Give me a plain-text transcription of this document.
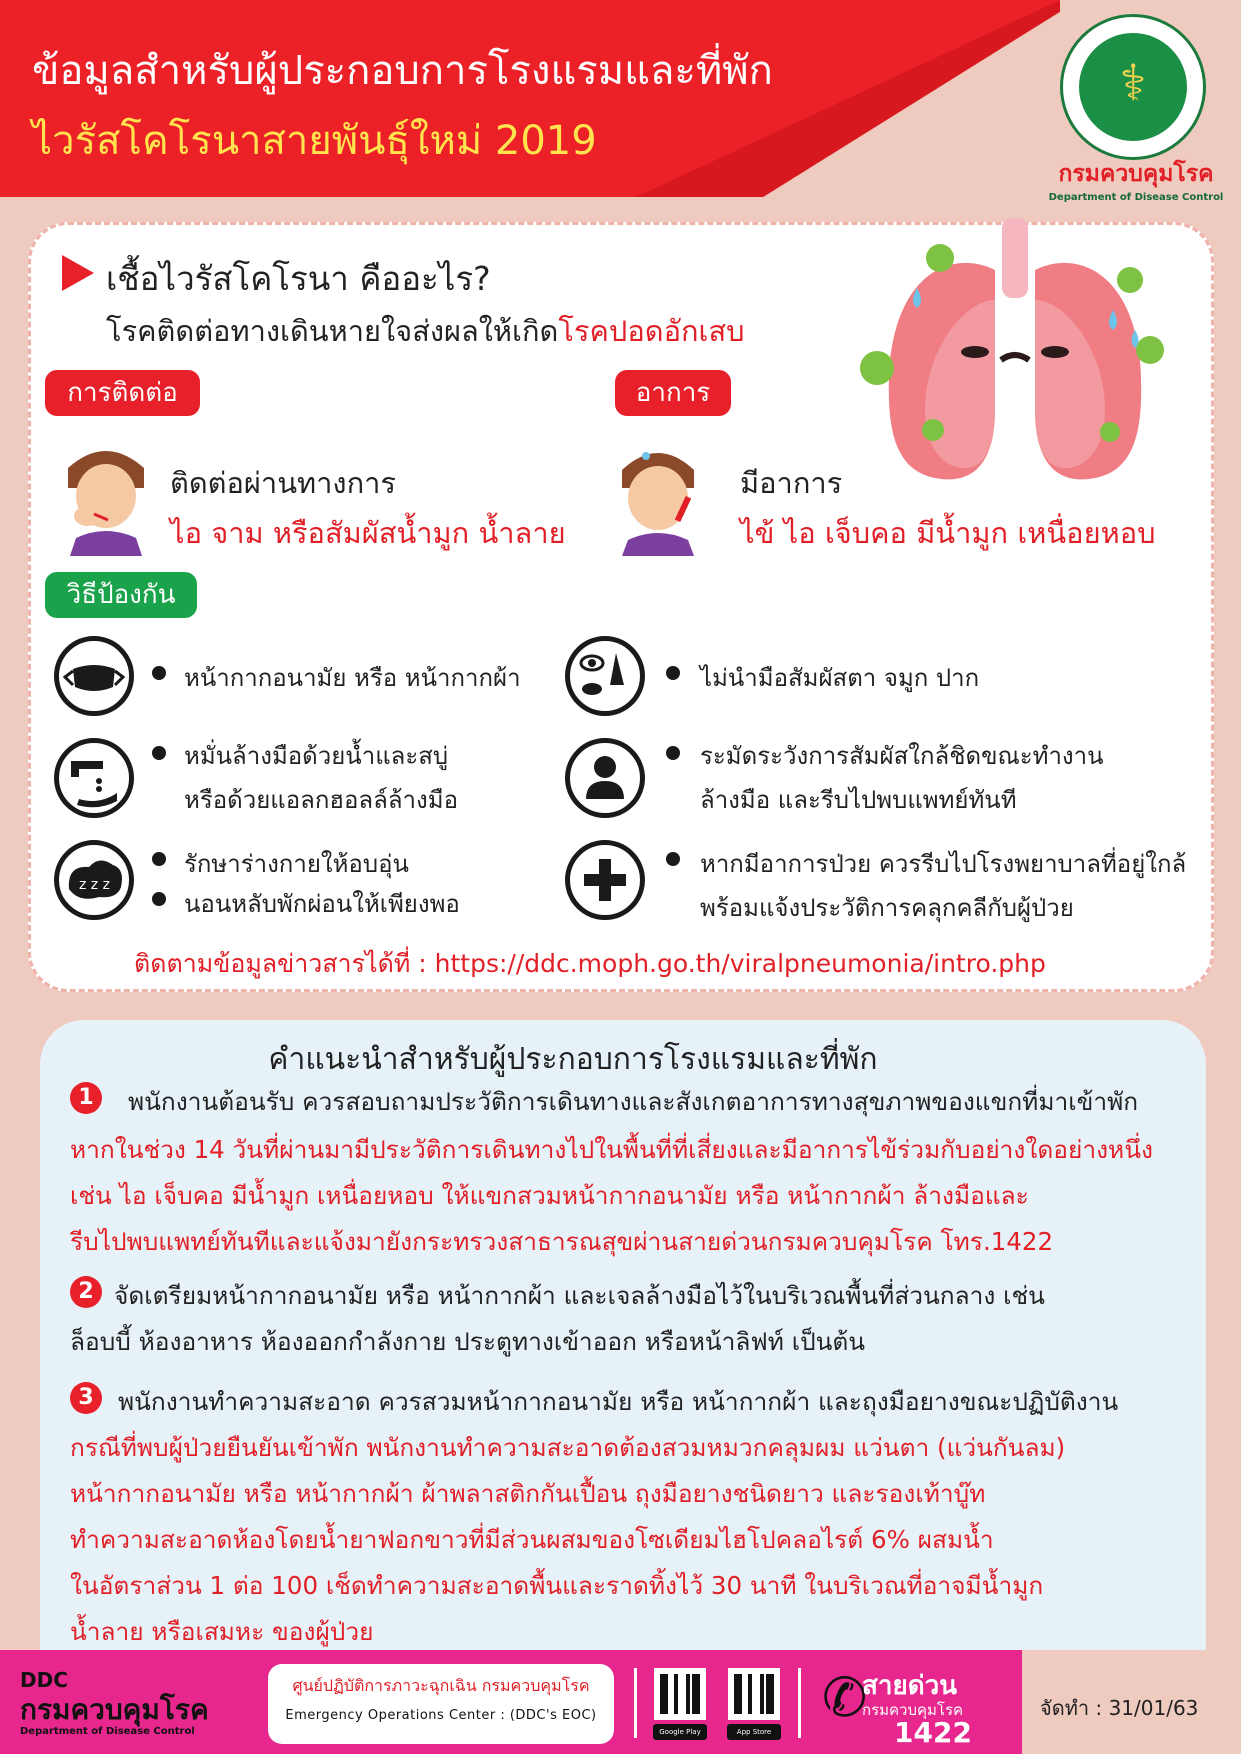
ข้อมูลสำหรับผู้ประกอบการโรงแรมและที่พัก
ไวรัสโคโรนาสายพันธุ์ใหม่ 2019
⚕
กรมควบคุมโรค
Department of Disease Control
เชื้อไวรัสโคโรนา คืออะไร?
โรคติดต่อทางเดินหายใจส่งผลให้เกิดโรคปอดอักเสบ
การติดต่อ
ติดต่อผ่านทางการ
ไอ จาม หรือสัมผัสน้ำมูก น้ำลาย
อาการ
มีอาการ
ไข้ ไอ เจ็บคอ มีน้ำมูก เหนื่อยหอบ
วิธีป้องกัน
หน้ากากอนามัย หรือ หน้ากากผ้า	ไม่นำมือสัมผัสตา จมูก ปาก
หมั่นล้างมือด้วยน้ำและสบู่
หรือด้วยแอลกฮอลล์ล้างมือ
ระมัดระวังการสัมผัสใกล้ชิดขณะทำงาน
ล้างมือ และรีบไปพบแพทย์ทันที
z z z
รักษาร่างกายให้อบอุ่น
นอนหลับพักผ่อนให้เพียงพอ
หากมีอาการป่วย ควรรีบไปโรงพยาบาลที่อยู่ใกล้
พร้อมแจ้งประวัติการคลุกคลีกับผู้ป่วย
ติดตามข้อมูลข่าวสารได้ที่ : https://ddc.moph.go.th/viralpneumonia/intro.php
คำแนะนำสำหรับผู้ประกอบการโรงแรมและที่พัก
1	พนักงานต้อนรับ ควรสอบถามประวัติการเดินทางและสังเกตอาการทางสุขภาพของแขกที่มาเข้าพัก
หากในช่วง 14 วันที่ผ่านมามีประวัติการเดินทางไปในพื้นที่ที่เสี่ยงและมีอาการไข้ร่วมกับอย่างใดอย่างหนึ่ง
เช่น ไอ เจ็บคอ มีน้ำมูก เหนื่อยหอบ ให้แขกสวมหน้ากากอนามัย หรือ หน้ากากผ้า ล้างมือและ
รีบไปพบแพทย์ทันทีและแจ้งมายังกระทรวงสาธารณสุขผ่านสายด่วนกรมควบคุมโรค โทร.1422
2 จัดเตรียมหน้ากากอนามัย หรือ หน้ากากผ้า และเจลล้างมือไว้ในบริเวณพื้นที่ส่วนกลาง เช่น
ล็อบบี้ ห้องอาหาร ห้องออกกำลังกาย ประตูทางเข้าออก หรือหน้าลิฟท์ เป็นต้น
3 พนักงานทำความสะอาด ควรสวมหน้ากากอนามัย หรือ หน้ากากผ้า และถุงมือยางขณะปฏิบัติงาน
กรณีที่พบผู้ป่วยยืนยันเข้าพัก พนักงานทำความสะอาดต้องสวมหมวกคลุมผม แว่นตา (แว่นกันลม)
หน้ากากอนามัย หรือ หน้ากากผ้า ผ้าพลาสติกกันเปื้อน ถุงมือยางชนิดยาว และรองเท้าบู๊ท
ทำความสะอาดห้องโดยน้ำยาฟอกขาวที่มีส่วนผสมของโซเดียมไฮโปคลอไรต์ 6% ผสมน้ำ
ในอัตราส่วน 1 ต่อ 100 เช็ดทำความสะอาดพื้นและราดทิ้งไว้ 30 นาที ในบริเวณที่อาจมีน้ำมูก
น้ำลาย หรือเสมหะ ของผู้ป่วย
DDC
กรมควบคุมโรค
Department of Disease Control
ศูนย์ปฏิบัติการภาวะฉุกเฉิน กรมควบคุมโรค
Emergency Operations Center : (DDC's EOC)
Google Play	App Store
✆
สายด่วน
กรมควบคุมโรค
1422
จัดทำ : 31/01/63
